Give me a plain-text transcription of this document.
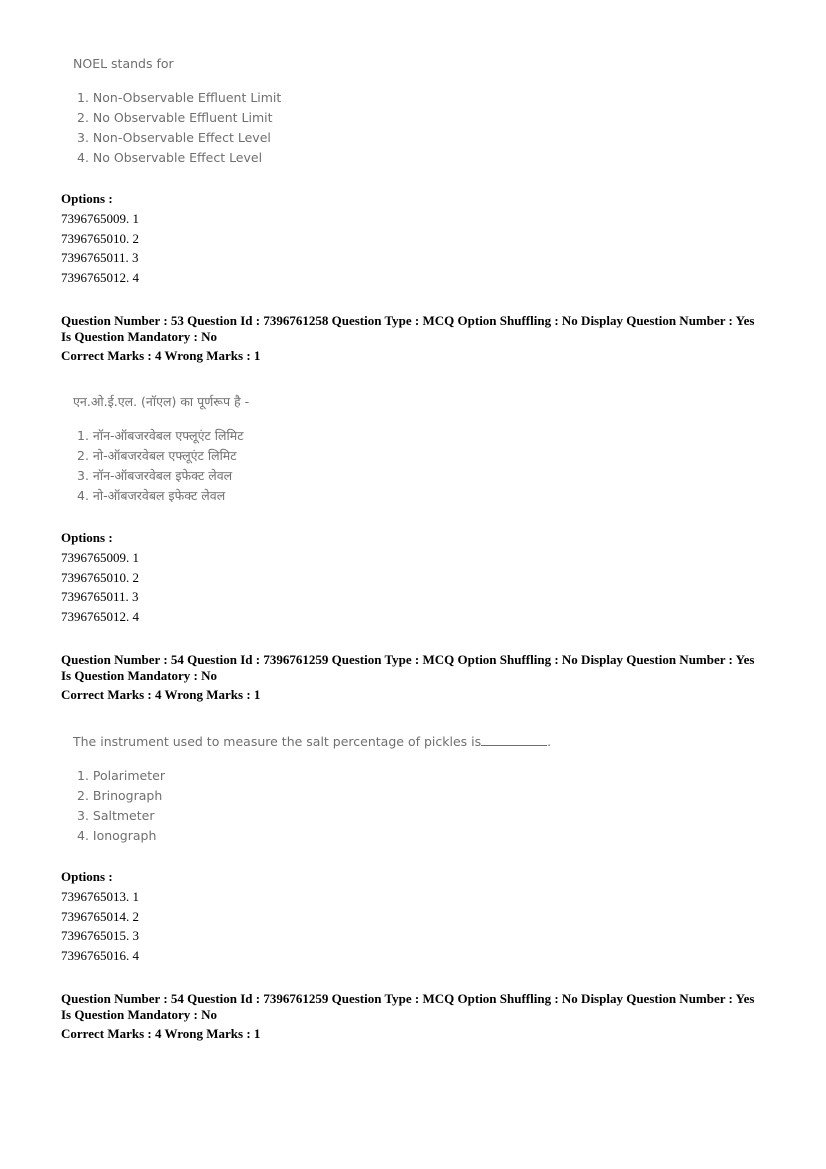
NOEL stands for
1. Non-Observable Effluent Limit
2. No Observable Effluent Limit
3. Non-Observable Effect Level
4. No Observable Effect Level
Options :
7396765009. 1
7396765010. 2
7396765011. 3
7396765012. 4
Question Number : 53 Question Id : 7396761258 Question Type : MCQ Option Shuffling : No Display Question Number : Yes
Is Question Mandatory : No
Correct Marks : 4 Wrong Marks : 1
एन.ओ.ई.एल. (नॉएल) का पूर्णरूप है -
1. नॉन-ऑबजरवेबल एफ्लूएंट लिमिट
2. नो-ऑबजरवेबल एफ्लूएंट लिमिट
3. नॉन-ऑबजरवेबल इफेक्ट लेवल
4. नो-ऑबजरवेबल इफेक्ट लेवल
Options :
7396765009. 1
7396765010. 2
7396765011. 3
7396765012. 4
Question Number : 54 Question Id : 7396761259 Question Type : MCQ Option Shuffling : No Display Question Number : Yes
Is Question Mandatory : No
Correct Marks : 4 Wrong Marks : 1
The instrument used to measure the salt percentage of pickles is	.
1. Polarimeter
2. Brinograph
3. Saltmeter
4. Ionograph
Options :
7396765013. 1
7396765014. 2
7396765015. 3
7396765016. 4
Question Number : 54 Question Id : 7396761259 Question Type : MCQ Option Shuffling : No Display Question Number : Yes
Is Question Mandatory : No
Correct Marks : 4 Wrong Marks : 1
